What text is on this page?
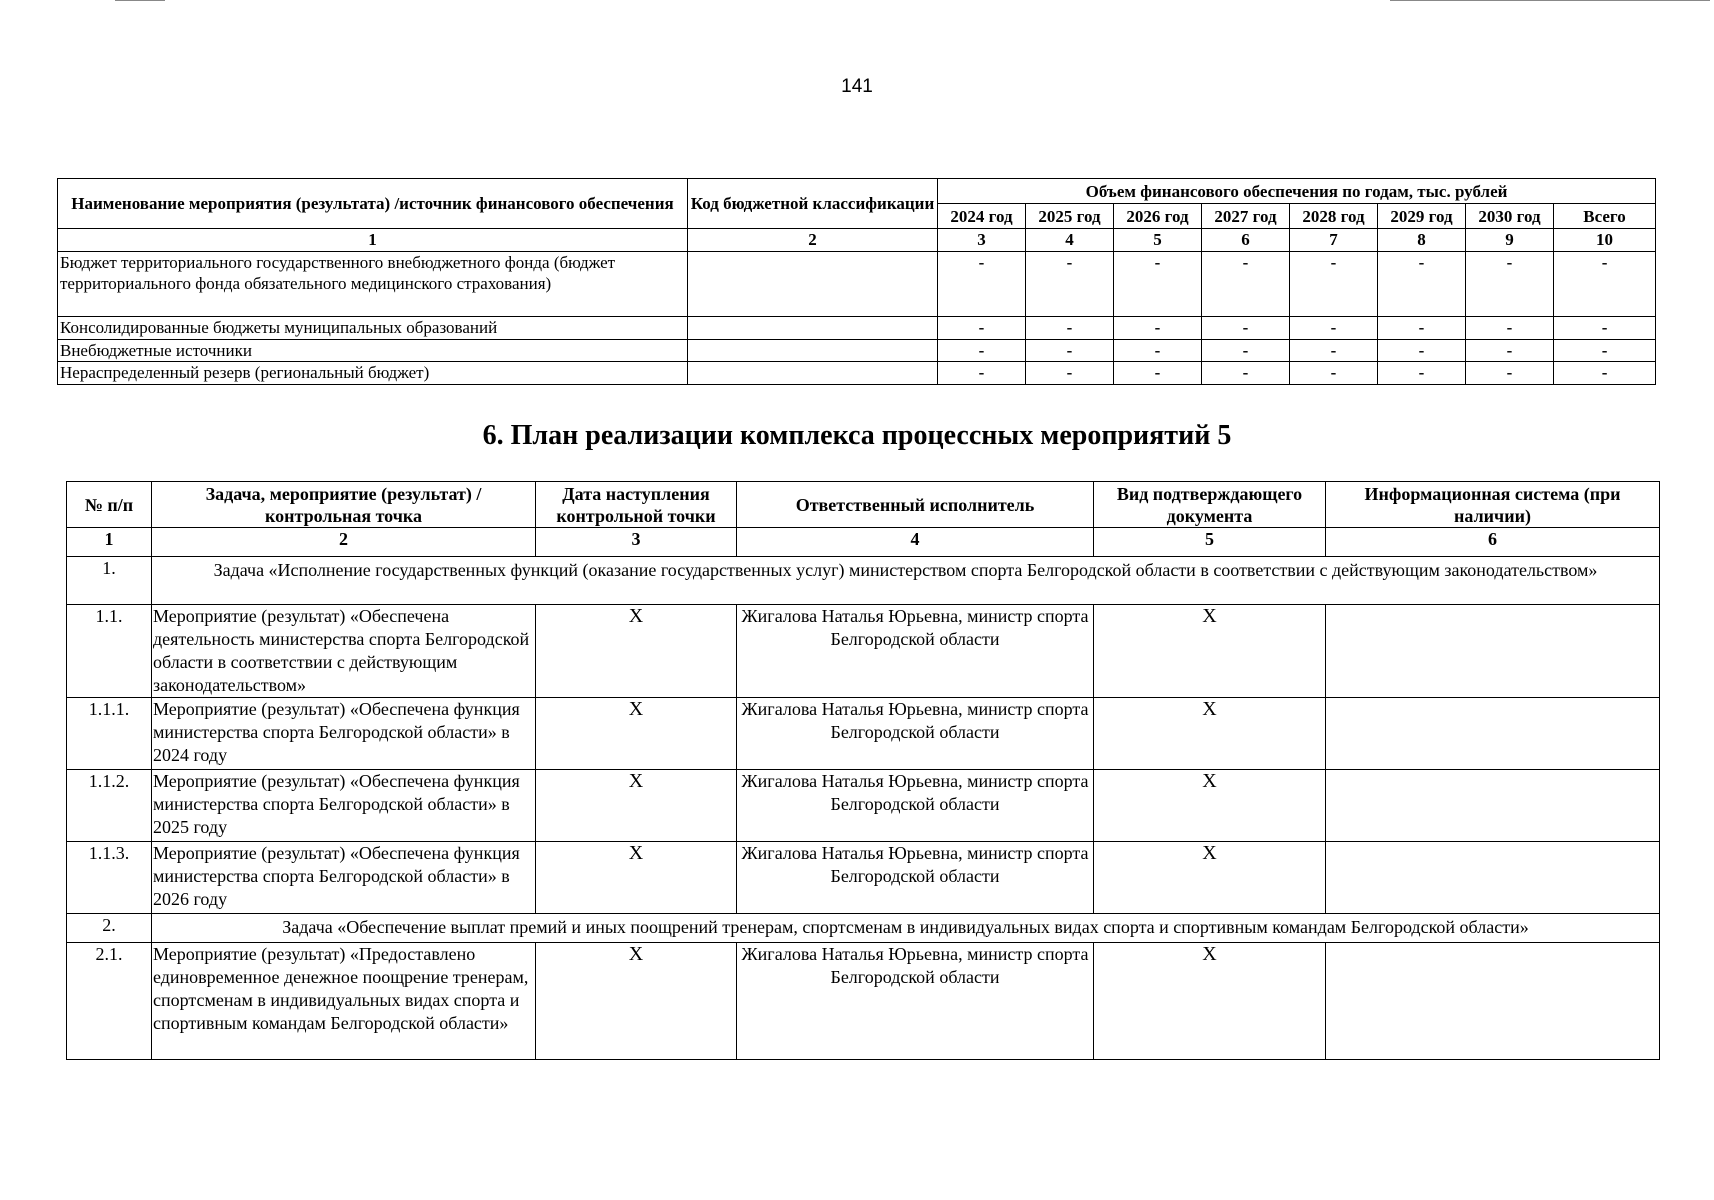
141
Наименование мероприятия (результата) /источник финансового обеспечения	Код бюджетной классификации	Объем финансового обеспечения по годам, тыс. рублей							
		2024 год	2025 год	2026 год	2027 год	2028 год	2029 год	2030 год	Всего
1	2	3	4	5	6	7	8	9	10
Бюджет территориального государственного внебюджетного фонда (бюджет территориального фонда обязательного медицинского страхования)		-	-	-	-	-	-	-	-
Консолидированные бюджеты муниципальных образований		-	-	-	-	-	-	-	-
Внебюджетные источники		-	-	-	-	-	-	-	-
Нераспределенный резерв (региональный бюджет)		-	-	-	-	-	-	-	-
6. План реализации комплекса процессных мероприятий 5
№ п/п	Задача, мероприятие (результат) / контрольная точка	Дата наступления контрольной точки	Ответственный исполнитель	Вид подтверждающего документа	Информационная система (при наличии)
1	2	3	4	5	6
1.	Задача «Исполнение государственных функций (оказание государственных услуг) министерством спорта Белгородской области в соответствии с действующим законодательством»				
1.1.	Мероприятие (результат) «Обеспечена деятельность министерства спорта Белгородской области в соответствии с действующим законодательством»	X	Жигалова Наталья Юрьевна, министр спорта Белгородской области	X	
1.1.1.	Мероприятие (результат) «Обеспечена функция министерства спорта Белгородской области» в 2024 году	X	Жигалова Наталья Юрьевна, министр спорта Белгородской области	X	
1.1.2.	Мероприятие (результат) «Обеспечена функция министерства спорта Белгородской области» в 2025 году	X	Жигалова Наталья Юрьевна, министр спорта Белгородской области	X	
1.1.3.	Мероприятие (результат) «Обеспечена функция министерства спорта Белгородской области» в 2026 году	X	Жигалова Наталья Юрьевна, министр спорта Белгородской области	X	
2.	Задача «Обеспечение выплат премий и иных поощрений тренерам, спортсменам в индивидуальных видах спорта и спортивным командам Белгородской области»				
2.1.	Мероприятие (результат) «Предоставлено единовременное денежное поощрение тренерам, спортсменам в индивидуальных видах спорта и спортивным командам Белгородской области»	X	Жигалова Наталья Юрьевна, министр спорта Белгородской области	X	
